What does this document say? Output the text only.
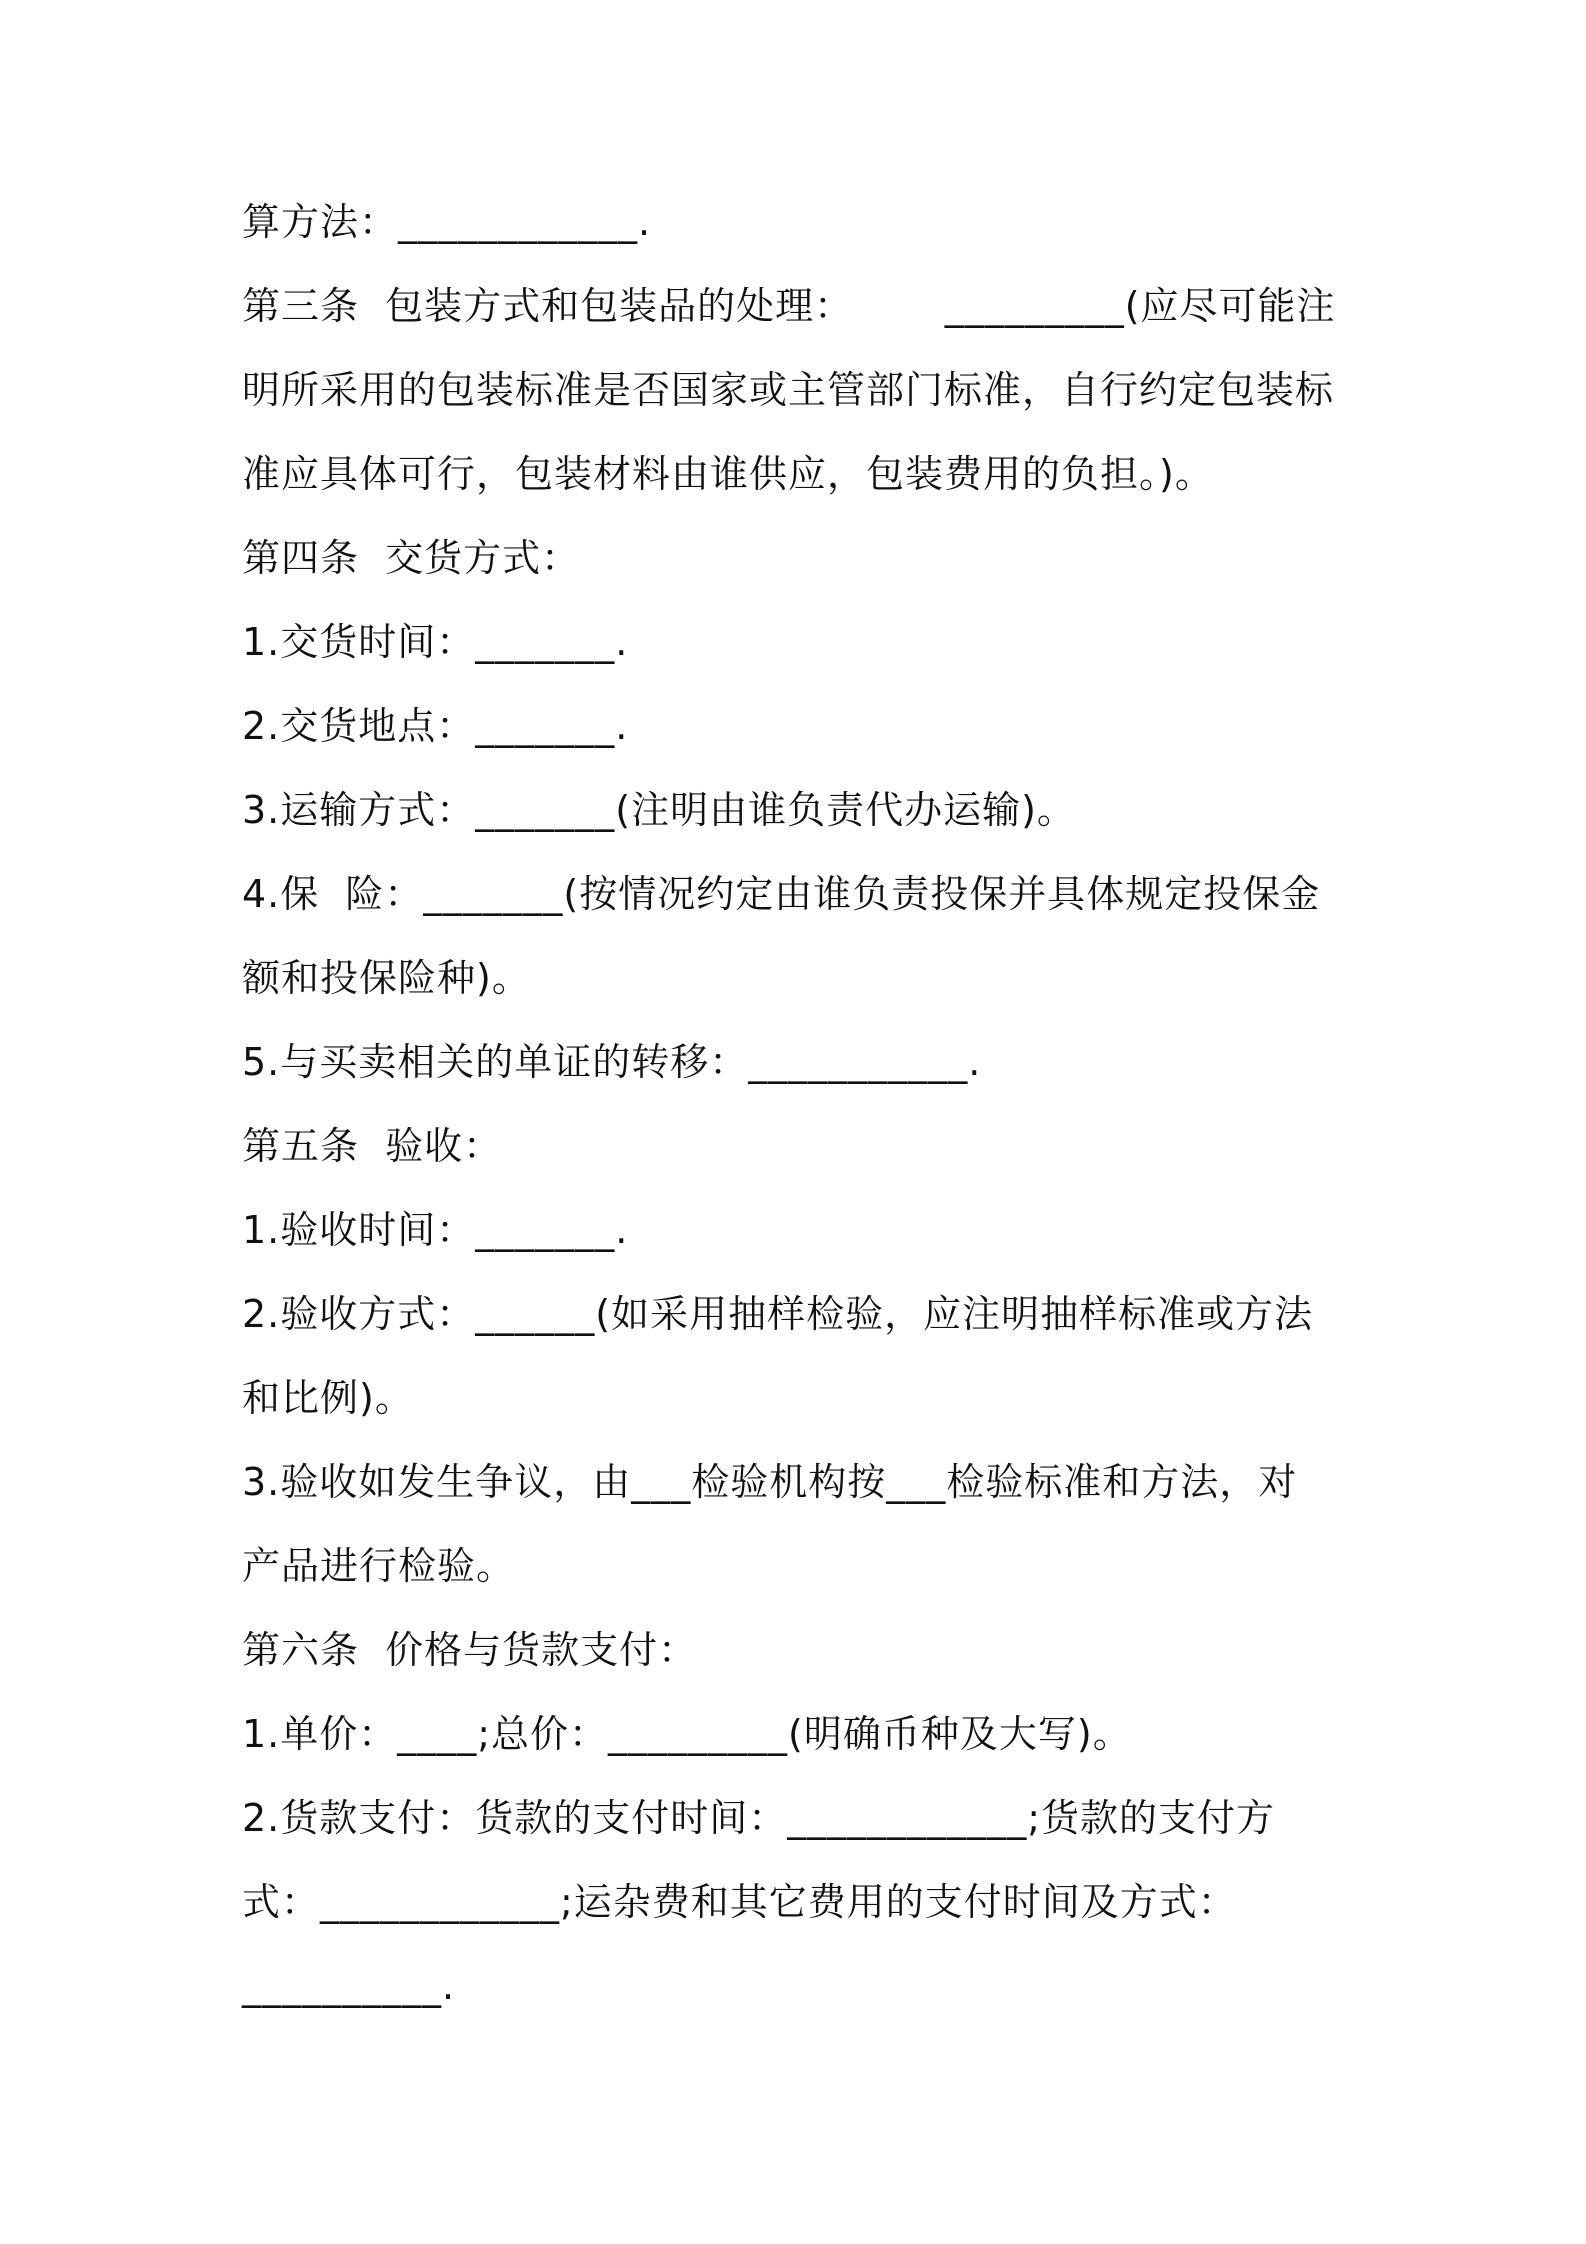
算方法：____________.
第三条  包装方式和包装品的处理：       _________(应尽可能注
明所采用的包装标准是否国家或主管部门标准，自行约定包装标
准应具体可行，包装材料由谁供应，包装费用的负担。)。
第四条  交货方式：
1.交货时间：_______.
2.交货地点：_______.
3.运输方式：_______(注明由谁负责代办运输)。
4.保  险：_______(按情况约定由谁负责投保并具体规定投保金
额和投保险种)。
5.与买卖相关的单证的转移：___________.
第五条  验收：
1.验收时间：_______.
2.验收方式：______(如采用抽样检验，应注明抽样标准或方法
和比例)。
3.验收如发生争议，由___检验机构按___检验标准和方法，对
产品进行检验。
第六条  价格与货款支付：
1.单价：____;总价：_________(明确币种及大写)。
2.货款支付：货款的支付时间：____________;货款的支付方
式：____________;运杂费和其它费用的支付时间及方式：
__________.
